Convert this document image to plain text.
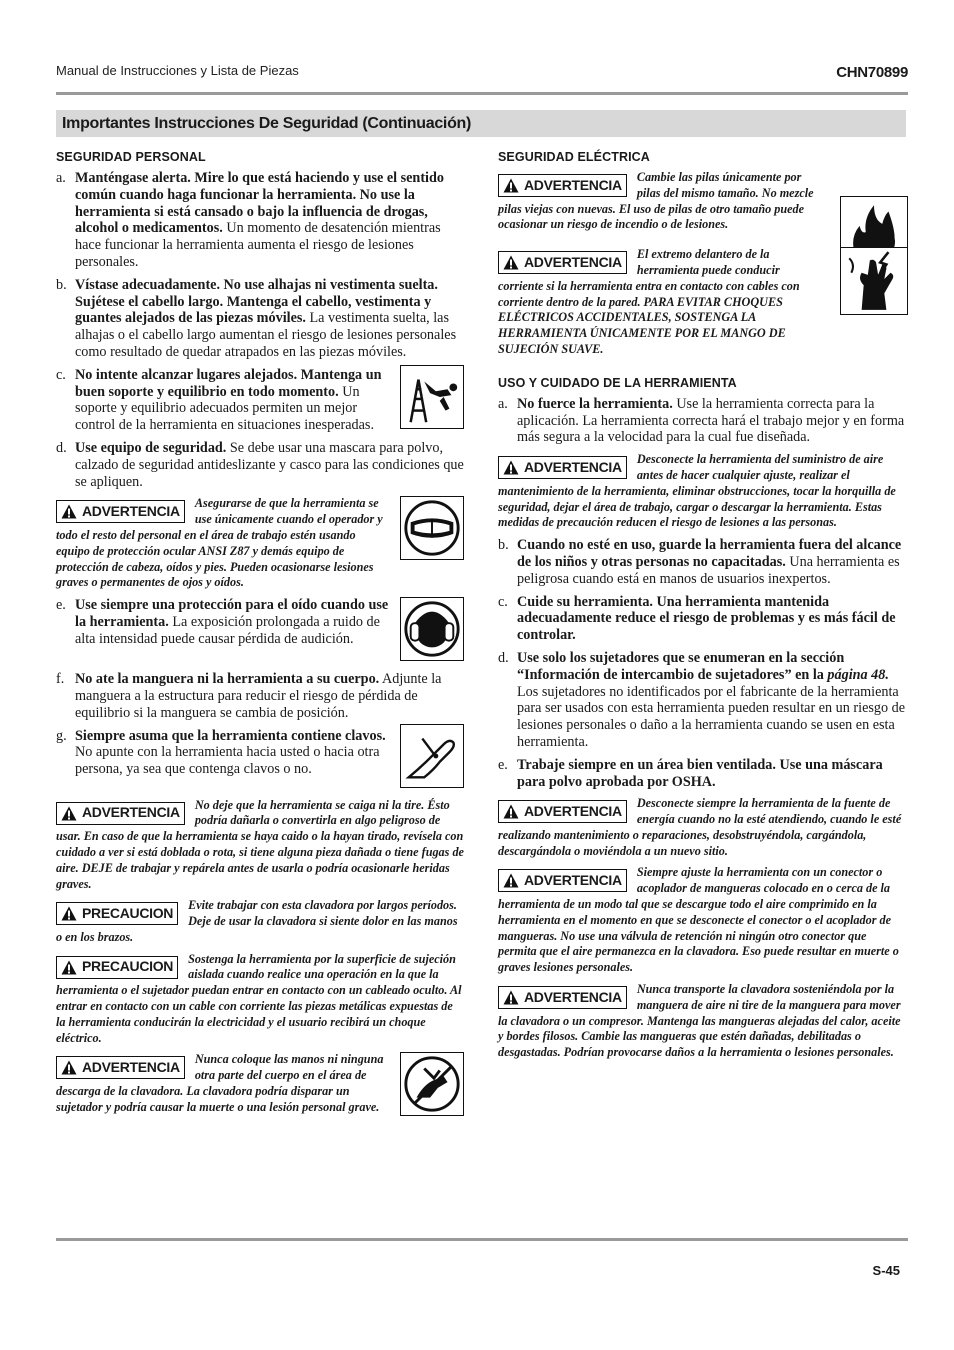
Manual de Instrucciones y Lista de Piezas	CHN70899
Importantes Instrucciones De Seguridad (Continuación)
SEGURIDAD PERSONAL
a. Manténgase alerta. Mire lo que está haciendo y use el sentido común cuando haga funcionar la herramienta. No use la herramienta si está cansado o bajo la influencia de drogas, alcohol o medicamentos. Un momento de desatención mientras hace funcionar la herramienta aumenta el riesgo de lesiones personales.
b. Vístase adecuadamente. No use alhajas ni vestimenta suelta. Sujétese el cabello largo. Mantenga el cabello, vestimenta y guantes alejados de las piezas móviles. La vestimenta suelta, las alhajas o el cabello largo aumentan el riesgo de lesiones personales como resultado de quedar atrapados en las piezas móviles.
c. No intente alcanzar lugares alejados. Mantenga un buen soporte y equilibrio en todo momento. Un soporte y equilibrio adecuados permiten un mejor control de la herramienta en situaciones inesperadas.
d. Use equipo de seguridad. Se debe usar una mascara para polvo, calzado de seguridad antideslizante y casco para las condiciones que se apliquen.
ADVERTENCIA Asegurarse de que la herramienta se use únicamente cuando el operador y todo el resto del personal en el área de trabajo estén usando equipo de protección ocular ANSI Z87 y demás equipo de protección de cabeza, oídos y pies. Pueden ocasionarse lesiones graves o permanentes de ojos y oídos.
e. Use siempre una protección para el oído cuando use la herramienta. La exposición prolongada a ruido de alta intensidad puede causar pérdida de audición.
f. No ate la manguera ni la herramienta a su cuerpo. Adjunte la manguera a la estructura para reducir el riesgo de pérdida de equilibrio si la manguera se cambia de posición.
g. Siempre asuma que la herramienta contiene clavos. No apunte con la herramienta hacia usted o hacia otra persona, ya sea que contenga clavos o no.
ADVERTENCIA No deje que la herramienta se caiga ni la tire. Ésto podría dañarla o convertirla en algo peligroso de usar. En caso de que la herramienta se haya caido o la hayan tirado, revísela con cuidado a ver si está doblada o rota, si tiene alguna pieza dañada o tiene fugas de aire. DEJE de trabajar y repárela antes de usarla o podría ocasionarle heridas graves.
PRECAUCION Evite trabajar con esta clavadora por largos períodos. Deje de usar la clavadora si siente dolor en las manos o en los brazos.
PRECAUCION Sostenga la herramienta por la superficie de sujeción aislada cuando realice una operación en la que la herramienta o el sujetador puedan entrar en contacto con un cableado oculto. Al entrar en contacto con un cable con corriente las piezas metálicas expuestas de la herramienta conducirán la electricidad y el usuario recibirá un choque eléctrico.
ADVERTENCIA Nunca coloque las manos ni ninguna otra parte del cuerpo en el área de descarga de la clavadora. La clavadora podría disparar un sujetador y podría causar la muerte o una lesión personal grave.
SEGURIDAD ELÉCTRICA
ADVERTENCIA Cambie las pilas únicamente por pilas del mismo tamaño. No mezcle pilas viejas con nuevas. El uso de pilas de otro tamaño puede ocasionar un riesgo de incendio o de lesiones.
ADVERTENCIA El extremo delantero de la herramienta puede conducir corriente si la herramienta entra en contacto con cables con corriente dentro de la pared. PARA EVITAR CHOQUES ELÉCTRICOS ACCIDENTALES, SOSTENGA LA HERRAMIENTA ÚNICAMENTE POR EL MANGO DE SUJECIÓN SUAVE.
USO Y CUIDADO DE LA HERRAMIENTA
a. No fuerce la herramienta. Use la herramienta correcta para la aplicación. La herramienta correcta hará el trabajo mejor y en forma más segura a la velocidad para la cual fue diseñada.
ADVERTENCIA Desconecte la herramienta del suministro de aire antes de hacer cualquier ajuste, realizar el mantenimiento de la herramienta, eliminar obstrucciones, tocar la horquilla de seguridad, dejar el área de trabajo, cargar o descargar la herramienta. Estas medidas de precaución reducen el riesgo de lesiones a las personas.
b. Cuando no esté en uso, guarde la herramienta fuera del alcance de los niños y otras personas no capacitadas. Una herramienta es peligrosa cuando está en manos de usuarios inexpertos.
c. Cuide su herramienta. Una herramienta mantenida adecuadamente reduce el riesgo de problemas y es más fácil de controlar.
d. Use solo los sujetadores que se enumeran en la sección “Información de intercambio de sujetadores” en la página 48. Los sujetadores no identificados por el fabricante de la herramienta para ser usados con esta herramienta pueden resultar en un riesgo de lesiones personales o daño a la herramienta cuando se usen en esta herramienta.
e. Trabaje siempre en un área bien ventilada. Use una máscara para polvo aprobada por OSHA.
ADVERTENCIA Desconecte siempre la herramienta de la fuente de energía cuando no la esté atendiendo, cuando le esté realizando mantenimiento o reparaciones, desobstruyéndola, cargándola, descargándola o moviéndola a un nuevo sitio.
ADVERTENCIA Siempre ajuste la herramienta con un conector o acoplador de mangueras colocado en o cerca de la herramienta de un modo tal que se descargue todo el aire comprimido en la herramienta en el momento en que se desconecte el conector o el acoplador de mangueras. No use una válvula de retención ni ningún otro conector que permita que el aire permanezca en la clavadora. Eso puede resultar en muerte o graves lesiones personales.
ADVERTENCIA Nunca transporte la clavadora sosteniéndola por la manguera de aire ni tire de la manguera para mover la clavadora o un compresor. Mantenga las mangueras alejadas del calor, aceite y bordes filosos. Cambie las mangueras que estén dañadas, debilitadas o desgastadas. Podrían provocarse daños a la herramienta o lesiones personales.
S-45
